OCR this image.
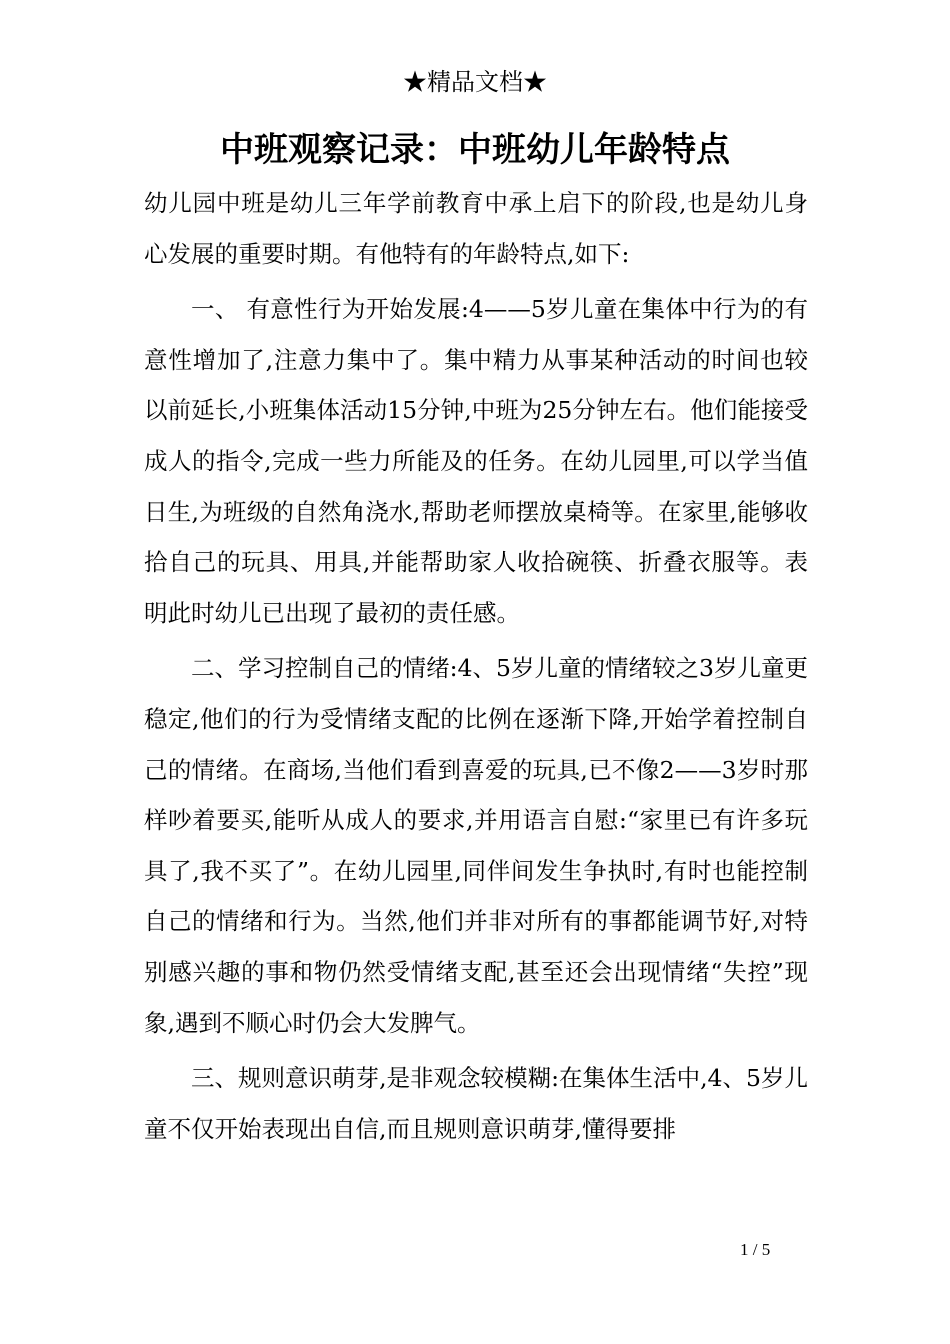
★精品文档★
中班观察记录：中班幼儿年龄特点

幼儿园中班是幼儿三年学前教育中承上启下的阶段,也是幼儿身心发展的重要时期。有他特有的年龄特点,如下:

一、 有意性行为开始发展:4——5岁儿童在集体中行为的有意性增加了,注意力集中了。集中精力从事某种活动的时间也较以前延长,小班集体活动15分钟,中班为25分钟左右。他们能接受成人的指令,完成一些力所能及的任务。在幼儿园里,可以学当值日生,为班级的自然角浇水,帮助老师摆放桌椅等。在家里,能够收拾自己的玩具、用具,并能帮助家人收拾碗筷、折叠衣服等。表明此时幼儿已出现了最初的责任感。

二、学习控制自己的情绪:4、5岁儿童的情绪较之3岁儿童更稳定,他们的行为受情绪支配的比例在逐渐下降,开始学着控制自己的情绪。在商场,当他们看到喜爱的玩具,已不像2——3岁时那样吵着要买,能听从成人的要求,并用语言自慰:“家里已有许多玩具了,我不买了”。在幼儿园里,同伴间发生争执时,有时也能控制自己的情绪和行为。当然,他们并非对所有的事都能调节好,对特别感兴趣的事和物仍然受情绪支配,甚至还会出现情绪“失控”现象,遇到不顺心时仍会大发脾气。

三、规则意识萌芽,是非观念较模糊:在集体生活中,4、5岁儿童不仅开始表现出自信,而且规则意识萌芽,懂得要排

1 / 5
